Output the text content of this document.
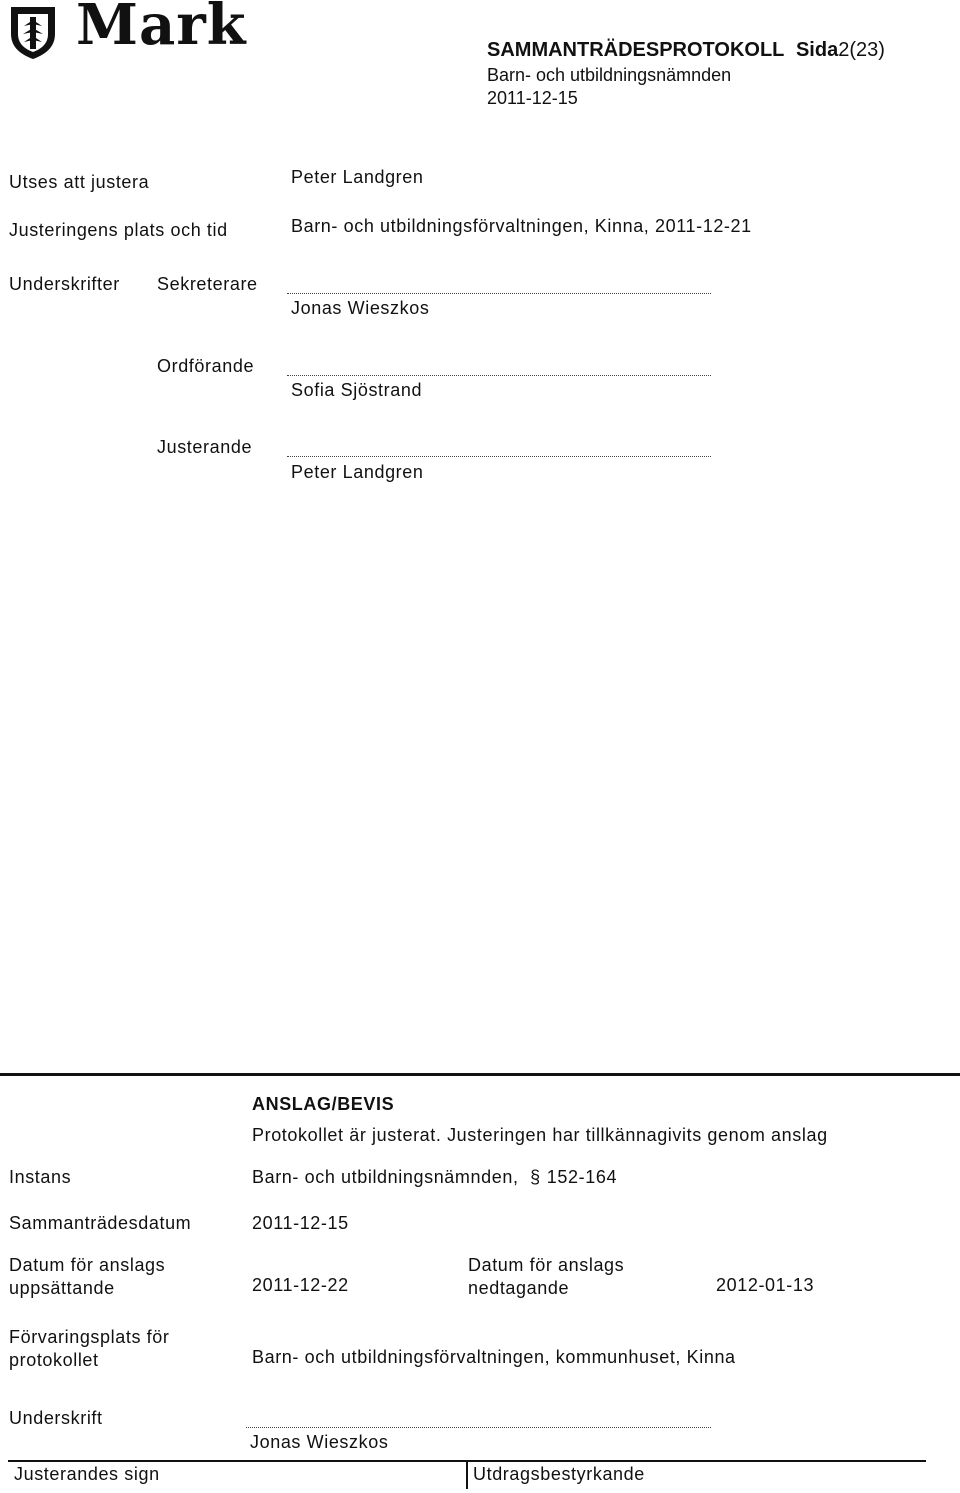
Mark	SAMMANTRÄDESPROTOKOLL Sida2(23)
Barn- och utbildningsnämnden
2011-12-15
Utses att justera	Peter Landgren
Justeringens plats och tid	Barn- och utbildningsförvaltningen, Kinna, 2011-12-21
Underskrifter Sekreterare
Jonas Wieszkos
Ordförande
Sofia Sjöstrand
Justerande
Peter Landgren
ANSLAG/BEVIS
Protokollet är justerat. Justeringen har tillkännagivits genom anslag
Instans	Barn- och utbildningsnämnden, § 152-164
Sammanträdesdatum	2011-12-15
Datum för anslags
uppsättande	2011-12-22
Datum för anslags
nedtagande	2012-01-13
Förvaringsplats för
protokollet	Barn- och utbildningsförvaltningen, kommunhuset, Kinna
Underskrift
Jonas Wieszkos
Justerandes sign	Utdragsbestyrkande
